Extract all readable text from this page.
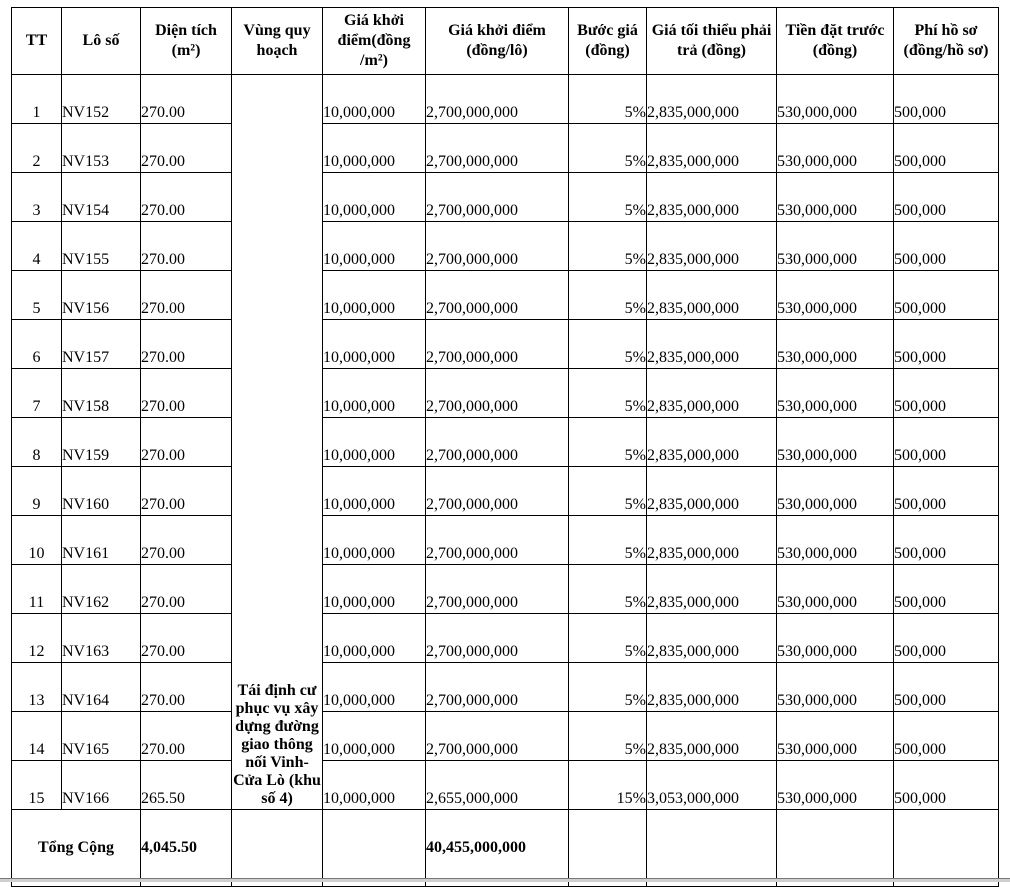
TT	Lô số	Diện tích (m²)	Vùng quy hoạch	Giá khởi điểm(đồng /m²)	Giá khởi điểm (đồng/lô)	Bước giá (đồng)	Giá tối thiểu phải trả (đồng)	Tiền đặt trước (đồng)	Phí hồ sơ (đồng/hồ sơ)
1	NV152	270.00	Tái định cư phục vụ xây dựng đường giao thông nối Vinh- Cửa Lò (khu số 4)	10,000,000	2,700,000,000	5%	2,835,000,000	530,000,000	500,000
2	NV153	270.00		10,000,000	2,700,000,000	5%	2,835,000,000	530,000,000	500,000
3	NV154	270.00		10,000,000	2,700,000,000	5%	2,835,000,000	530,000,000	500,000
4	NV155	270.00		10,000,000	2,700,000,000	5%	2,835,000,000	530,000,000	500,000
5	NV156	270.00		10,000,000	2,700,000,000	5%	2,835,000,000	530,000,000	500,000
6	NV157	270.00		10,000,000	2,700,000,000	5%	2,835,000,000	530,000,000	500,000
7	NV158	270.00		10,000,000	2,700,000,000	5%	2,835,000,000	530,000,000	500,000
8	NV159	270.00		10,000,000	2,700,000,000	5%	2,835,000,000	530,000,000	500,000
9	NV160	270.00		10,000,000	2,700,000,000	5%	2,835,000,000	530,000,000	500,000
10	NV161	270.00		10,000,000	2,700,000,000	5%	2,835,000,000	530,000,000	500,000
11	NV162	270.00		10,000,000	2,700,000,000	5%	2,835,000,000	530,000,000	500,000
12	NV163	270.00		10,000,000	2,700,000,000	5%	2,835,000,000	530,000,000	500,000
13	NV164	270.00		10,000,000	2,700,000,000	5%	2,835,000,000	530,000,000	500,000
14	NV165	270.00		10,000,000	2,700,000,000	5%	2,835,000,000	530,000,000	500,000
15	NV166	265.50		10,000,000	2,655,000,000	15%	3,053,000,000	530,000,000	500,000
Tổng Cộng		4,045.50			40,455,000,000				
